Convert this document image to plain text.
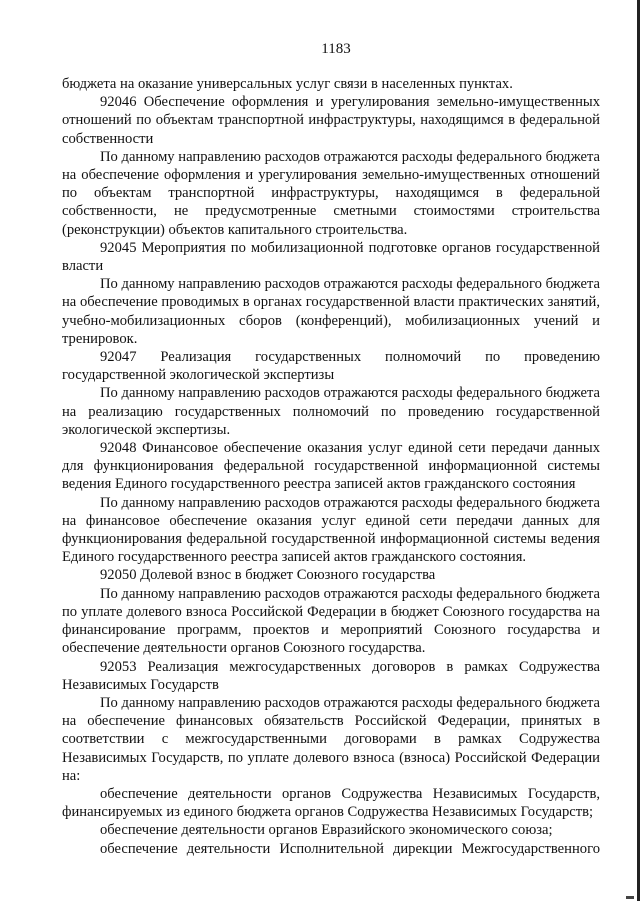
1183

бюджета на оказание универсальных услуг связи в населенных пунктах.

92046 Обеспечение оформления и урегулирования земельно-имущественных отношений по объектам транспортной инфраструктуры, находящимся в федеральной собственности

По данному направлению расходов отражаются расходы федерального бюджета на обеспечение оформления и урегулирования земельно-имущественных отношений по объектам транспортной инфраструктуры, находящимся в федеральной собственности, не предусмотренные сметными стоимостями строительства (реконструкции) объектов капитального строительства.

92045 Мероприятия по мобилизационной подготовке органов государственной власти

По данному направлению расходов отражаются расходы федерального бюджета на обеспечение проводимых в органах государственной власти практических занятий, учебно-мобилизационных сборов (конференций), мобилизационных учений и тренировок.

92047 Реализация государственных полномочий по проведению государственной экологической экспертизы

По данному направлению расходов отражаются расходы федерального бюджета на реализацию государственных полномочий по проведению государственной экологической экспертизы.

92048 Финансовое обеспечение оказания услуг единой сети передачи данных для функционирования федеральной государственной информационной системы ведения Единого государственного реестра записей актов гражданского состояния

По данному направлению расходов отражаются расходы федерального бюджета на финансовое обеспечение оказания услуг единой сети передачи данных для функционирования федеральной государственной информационной системы ведения Единого государственного реестра записей актов гражданского состояния.

92050 Долевой взнос в бюджет Союзного государства

По данному направлению расходов отражаются расходы федерального бюджета по уплате долевого взноса Российской Федерации в бюджет Союзного государства на финансирование программ, проектов и мероприятий Союзного государства и обеспечение деятельности органов Союзного государства.

92053 Реализация межгосударственных договоров в рамках Содружества Независимых Государств

По данному направлению расходов отражаются расходы федерального бюджета на обеспечение финансовых обязательств Российской Федерации, принятых в соответствии с межгосударственными договорами в рамках Содружества Независимых Государств, по уплате долевого взноса (взноса) Российской Федерации на:

обеспечение деятельности органов Содружества Независимых Государств, финансируемых из единого бюджета органов Содружества Независимых Государств;

обеспечение деятельности органов Евразийского экономического союза;

обеспечение деятельности Исполнительной дирекции Межгосударственного
